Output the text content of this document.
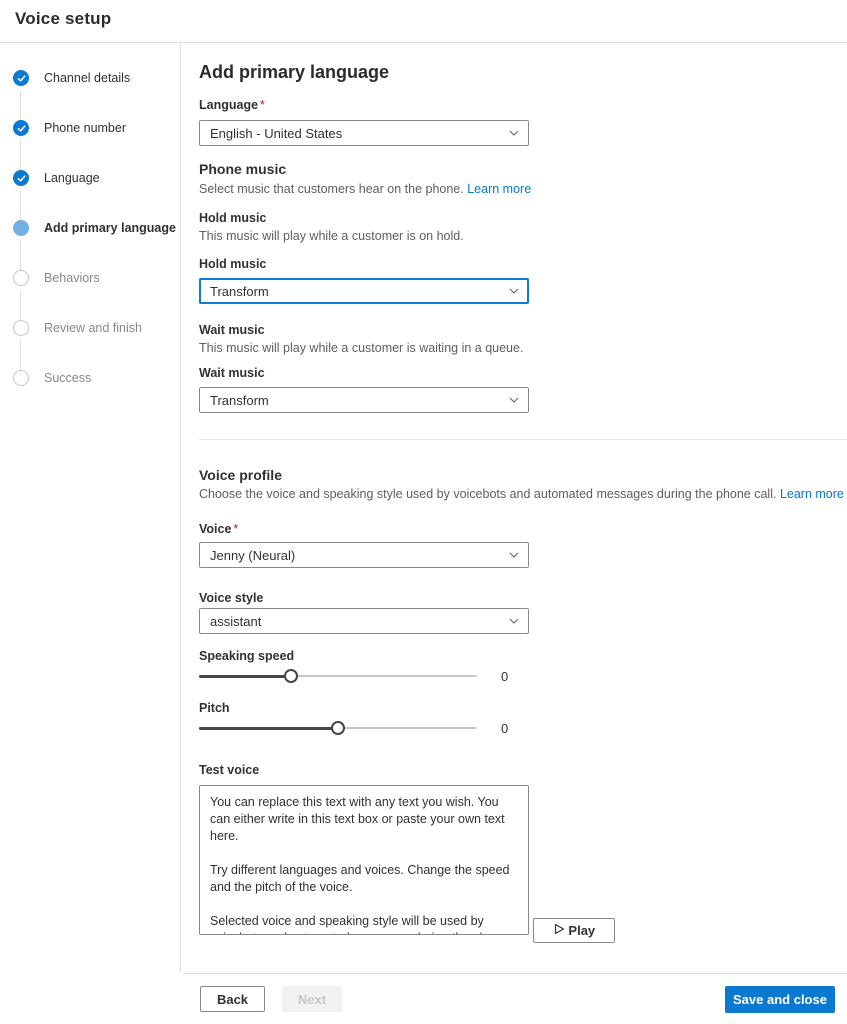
Voice setup
Channel details
Phone number
Language
Add primary language
Behaviors
Review and finish
Success
Add primary language
Language *
English - United States
Phone music
Select music that customers hear on the phone. Learn more
Hold music
This music will play while a customer is on hold.
Hold music
Transform
Wait music
This music will play while a customer is waiting in a queue.
Wait music
Transform
Voice profile
Choose the voice and speaking style used by voicebots and automated messages during the phone call. Learn more
Voice *
Jenny (Neural)
Voice style
assistant
Speaking speed
0
Pitch
0
Test voice
You can replace this text with any text you wish. You can either write in this text box or paste your own text here. Try different languages and voices. Change the speed and the pitch of the voice. Selected voice and speaking style will be used by voicebots and automated messages during the phone call.  Play
Back	Next	Save and close
